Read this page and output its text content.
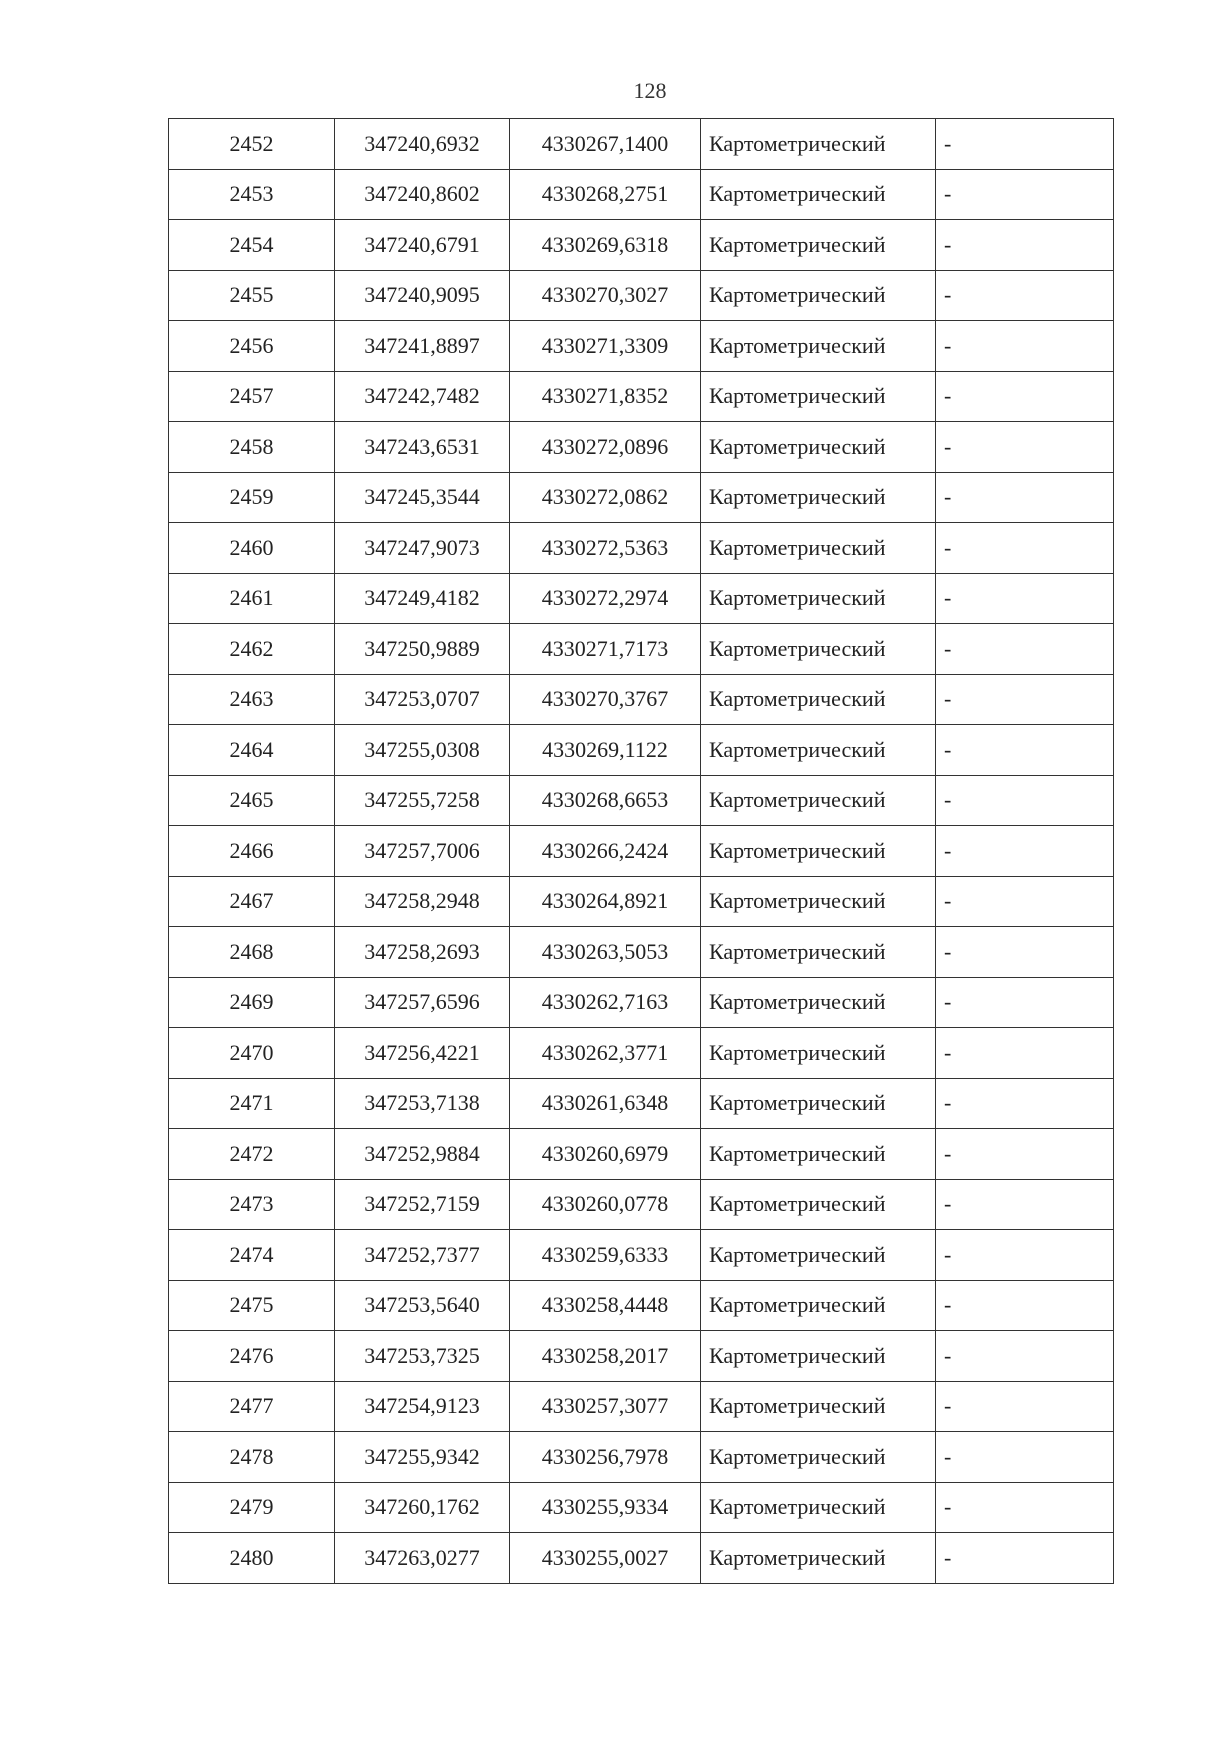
128
2452	347240,6932	4330267,1400	Картометрический	-
2453	347240,8602	4330268,2751	Картометрический	-
2454	347240,6791	4330269,6318	Картометрический	-
2455	347240,9095	4330270,3027	Картометрический	-
2456	347241,8897	4330271,3309	Картометрический	-
2457	347242,7482	4330271,8352	Картометрический	-
2458	347243,6531	4330272,0896	Картометрический	-
2459	347245,3544	4330272,0862	Картометрический	-
2460	347247,9073	4330272,5363	Картометрический	-
2461	347249,4182	4330272,2974	Картометрический	-
2462	347250,9889	4330271,7173	Картометрический	-
2463	347253,0707	4330270,3767	Картометрический	-
2464	347255,0308	4330269,1122	Картометрический	-
2465	347255,7258	4330268,6653	Картометрический	-
2466	347257,7006	4330266,2424	Картометрический	-
2467	347258,2948	4330264,8921	Картометрический	-
2468	347258,2693	4330263,5053	Картометрический	-
2469	347257,6596	4330262,7163	Картометрический	-
2470	347256,4221	4330262,3771	Картометрический	-
2471	347253,7138	4330261,6348	Картометрический	-
2472	347252,9884	4330260,6979	Картометрический	-
2473	347252,7159	4330260,0778	Картометрический	-
2474	347252,7377	4330259,6333	Картометрический	-
2475	347253,5640	4330258,4448	Картометрический	-
2476	347253,7325	4330258,2017	Картометрический	-
2477	347254,9123	4330257,3077	Картометрический	-
2478	347255,9342	4330256,7978	Картометрический	-
2479	347260,1762	4330255,9334	Картометрический	-
2480	347263,0277	4330255,0027	Картометрический	-
